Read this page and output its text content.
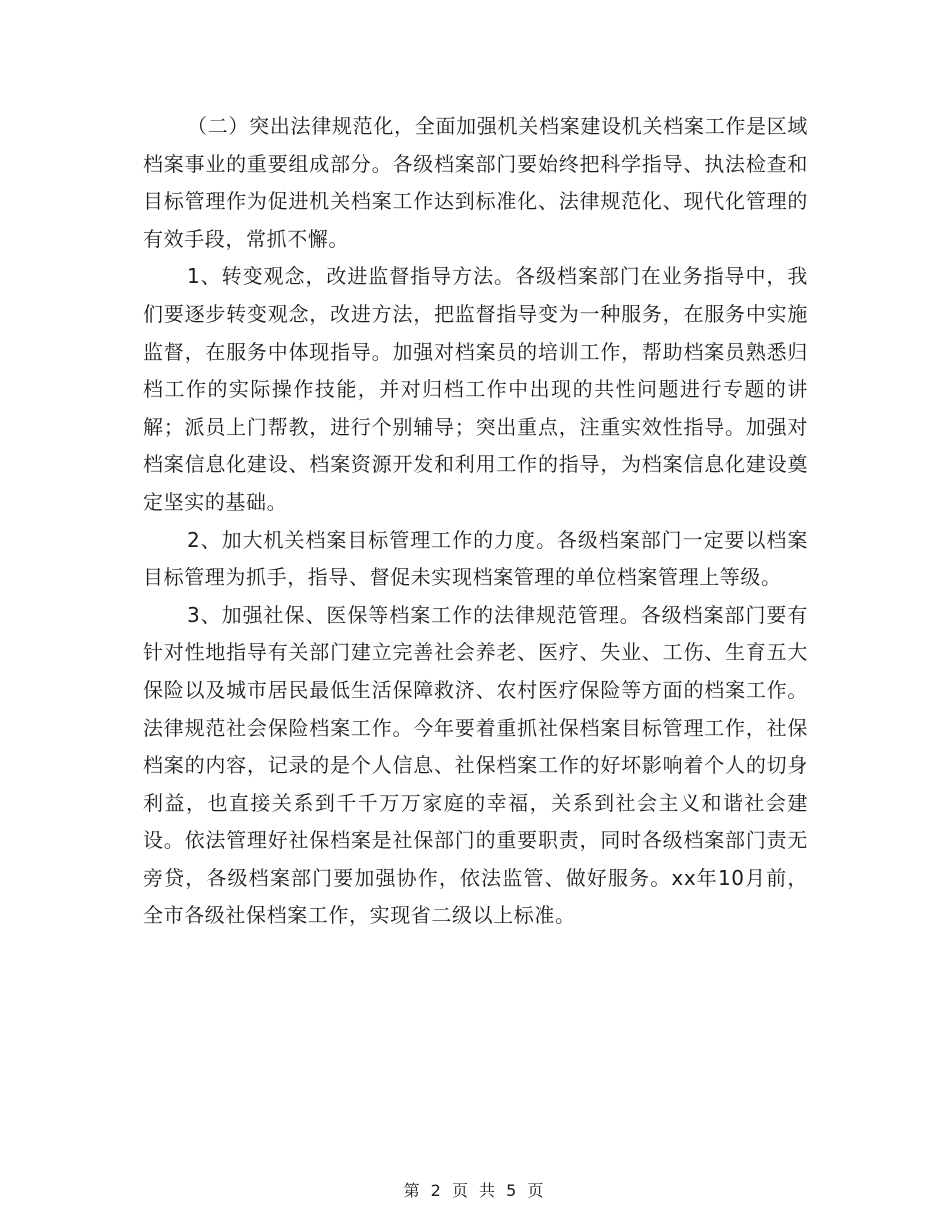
（二）突出法律规范化，全面加强机关档案建设机关档案工作是区域档案事业的重要组成部分。各级档案部门要始终把科学指导、执法检查和目标管理作为促进机关档案工作达到标准化、法律规范化、现代化管理的有效手段，常抓不懈。

1、转变观念，改进监督指导方法。各级档案部门在业务指导中，我们要逐步转变观念，改进方法，把监督指导变为一种服务，在服务中实施监督，在服务中体现指导。加强对档案员的培训工作，帮助档案员熟悉归档工作的实际操作技能，并对归档工作中出现的共性问题进行专题的讲解；派员上门帮教，进行个别辅导；突出重点，注重实效性指导。加强对档案信息化建设、档案资源开发和利用工作的指导，为档案信息化建设奠定坚实的基础。

2、加大机关档案目标管理工作的力度。各级档案部门一定要以档案目标管理为抓手，指导、督促未实现档案管理的单位档案管理上等级。

3、加强社保、医保等档案工作的法律规范管理。各级档案部门要有针对性地指导有关部门建立完善社会养老、医疗、失业、工伤、生育五大保险以及城市居民最低生活保障救济、农村医疗保险等方面的档案工作。法律规范社会保险档案工作。今年要着重抓社保档案目标管理工作，社保档案的内容，记录的是个人信息、社保档案工作的好坏影响着个人的切身利益，也直接关系到千千万万家庭的幸福，关系到社会主义和谐社会建设。依法管理好社保档案是社保部门的重要职责，同时各级档案部门责无旁贷，各级档案部门要加强协作，依法监管、做好服务。xx年10月前，全市各级社保档案工作，实现省二级以上标准。

第 2 页 共 5 页
